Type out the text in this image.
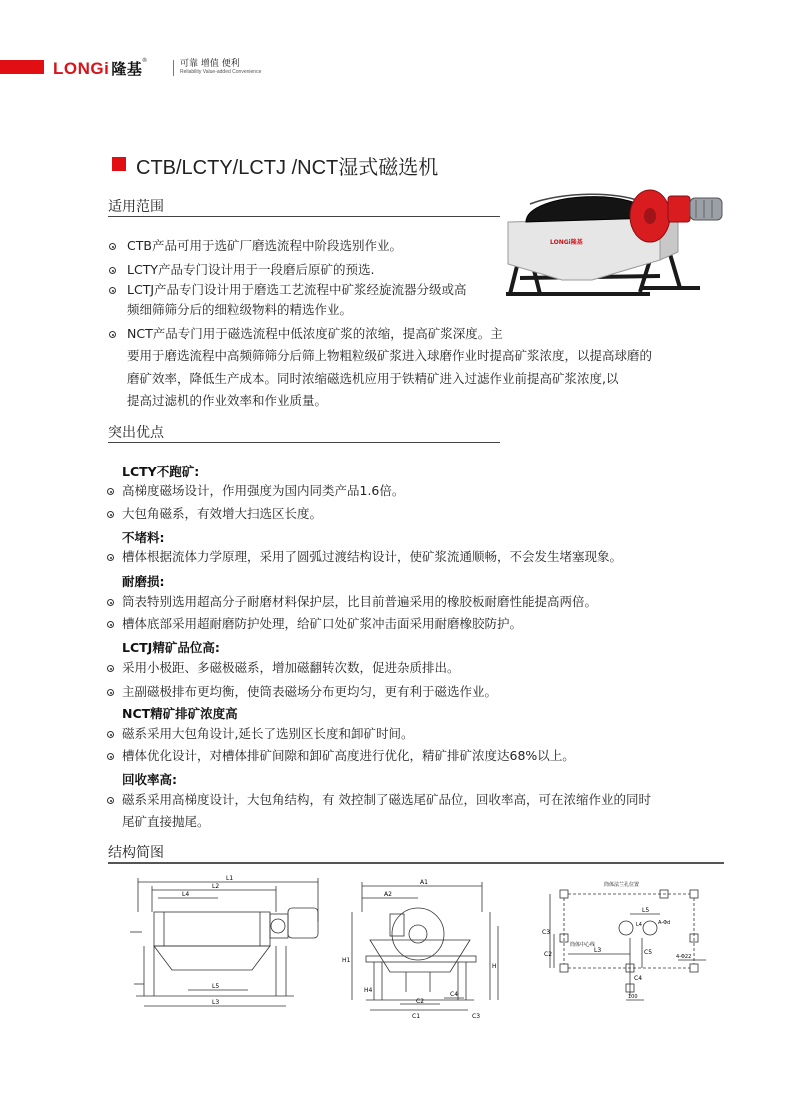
LONGi 隆基®	可靠 增值 便利
Reliability Value-added Convenience
CTB/LCTY/LCTJ /NCT湿式磁选机
适用范围
CTB产品可用于选矿厂磨选流程中阶段选别作业。
LCTY产品专门设计用于一段磨后原矿的预选.
LCTJ产品专门设计用于磨选工艺流程中矿浆经旋流器分级或高
频细筛筛分后的细粒级物料的精选作业。
NCT产品专门用于磁选流程中低浓度矿浆的浓缩，提高矿浆深度。主
要用于磨选流程中高频筛筛分后筛上物粗粒级矿浆进入球磨作业时提高矿浆浓度，以提高球磨的
磨矿效率，降低生产成本。同时浓缩磁选机应用于铁精矿进入过滤作业前提高矿浆浓度,以
提高过滤机的作业效率和作业质量。
LONGi隆基
突出优点
LCTY不跑矿:
高梯度磁场设计，作用强度为国内同类产品1.6倍。
大包角磁系，有效增大扫选区长度。
不堵料:
槽体根据流体力学原理，采用了圆弧过渡结构设计，使矿浆流通顺畅，不会发生堵塞现象。
耐磨损:
筒表特别选用超高分子耐磨材料保护层，比目前普遍采用的橡胶板耐磨性能提高两倍。
槽体底部采用超耐磨防护处理，给矿口处矿浆冲击面采用耐磨橡胶防护。
LCTJ精矿品位高:
采用小极距、多磁极磁系，增加磁翻转次数，促进杂质排出。
主副磁极排布更均衡，使筒表磁场分布更均匀，更有利于磁选作业。
NCT精矿排矿浓度高
磁系采用大包角设计,延长了选别区长度和卸矿时间。
槽体优化设计，对槽体排矿间隙和卸矿高度进行优化，精矿排矿浓度达68%以上。
回收率高:
磁系采用高梯度设计，大包角结构，有 效控制了磁选尾矿品位，回收率高，可在浓缩作业的同时
尾矿直接抛尾。
结构简图
L1
L2
L4
L3
L5
A1
A2
H1
H
H4
C1
C2
C4
C3
筒体法兰孔位置
L5
L3
L4
4-Φ22
C3
C2	C5
C4
100
筒体中心线
A-Φd
